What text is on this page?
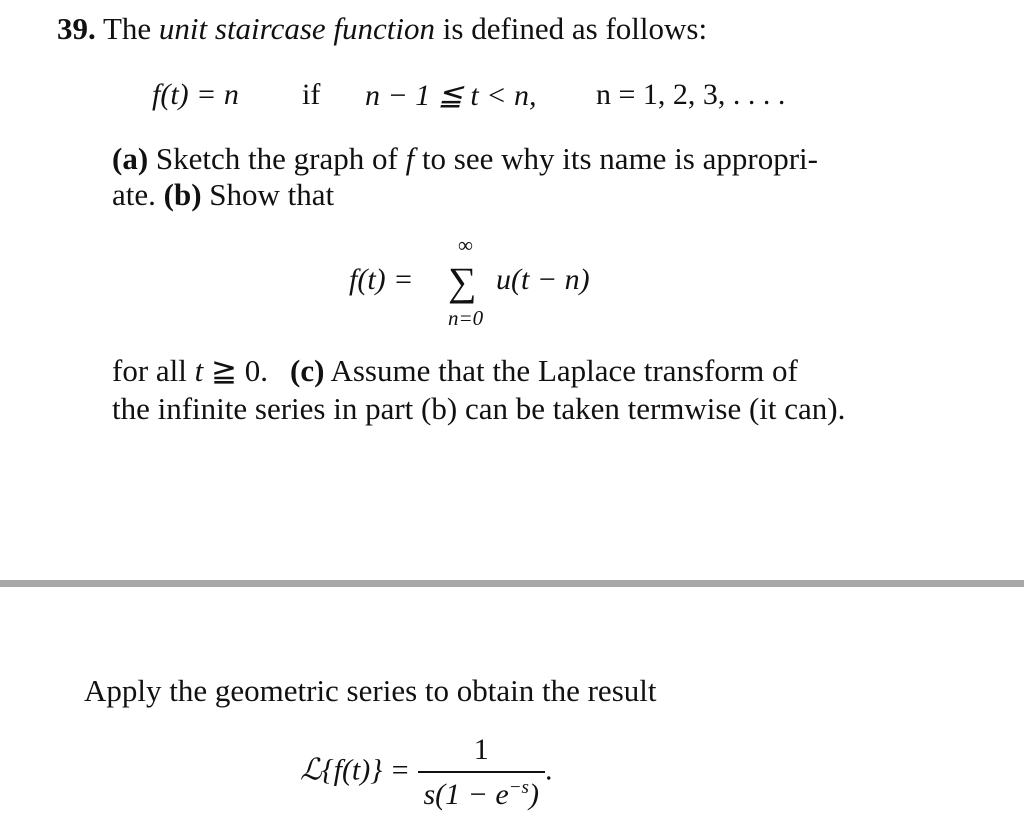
39. The unit staircase function is defined as follows:
f(t) = n if n − 1 ≦ t < n, n = 1, 2, 3, . . . .
(a) Sketch the graph of f to see why its name is appropri-
ate. (b) Show that
f(t) =
∞
∑
n=0
u(t − n)
for all t ≧ 0. (c) Assume that the Laplace transform of
the infinite series in part (b) can be taken termwise (it can).
Apply the geometric series to obtain the result
ℒ{f(t)} = $\frac{1}{s(1 - e^{-s})}$ .
